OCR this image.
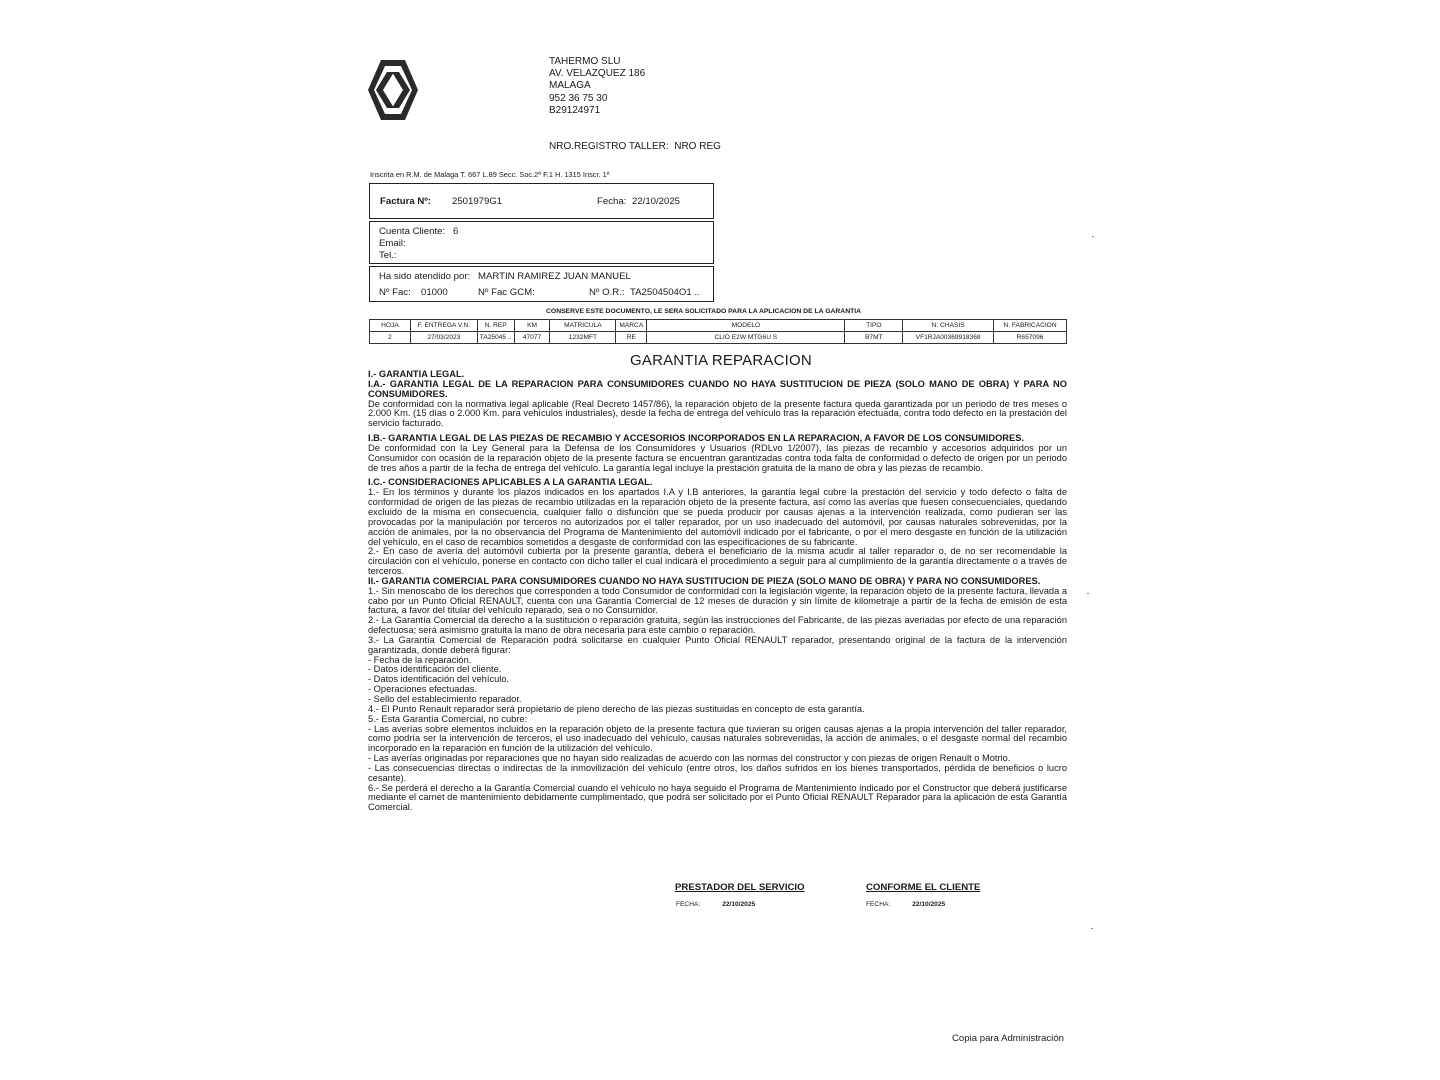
TAHERMO SLU
AV. VELAZQUEZ 186
MALAGA
952 36 75 30
B29124971
NRO.REGISTRO TALLER: NRO REG
Inscrita en R.M. de Malaga T. 667 L.89 Secc. Soc.2ª F.1 H. 1315 Inscr. 1ª
Factura Nº: 2501979G1	Fecha: 22/10/2025
Cuenta Cliente: 6
Email:
Tel.:
Ha sido atendido por: MARTIN RAMIREZ JUAN MANUEL
Nº Fac: 01000	Nº Fac GCM:	Nº O.R.: TA2504504O1 ..
CONSERVE ESTE DOCUMENTO, LE SERA SOLICITADO PARA LA APLICACION DE LA GARANTIA
HOJA	F. ENTREGA V.N.	N. REP	KM	MATRICULA	MARCA	MODELO	TIPO	N. CHASIS	N. FABRICACION
2	27/03/2023	TA25045 ..	47077	1232MFT	RE	CLIO E2W MTG6U S	B7MT	VF1RJA00369918368	R657096
GARANTIA REPARACION

I.- GARANTIA LEGAL.

I.A.- GARANTIA LEGAL DE LA REPARACION PARA CONSUMIDORES CUANDO NO HAYA SUSTITUCION DE PIEZA (SOLO MANO DE OBRA) Y PARA NO CONSUMIDORES.

De conformidad con la normativa legal aplicable (Real Decreto 1457/86), la reparación objeto de la presente factura queda garantizada por un periodo de tres meses o 2.000 Km. (15 días o 2.000 Km. para vehículos industriales), desde la fecha de entrega del vehículo tras la reparación efectuada, contra todo defecto en la prestación del servicio facturado.

I.B.- GARANTIA LEGAL DE LAS PIEZAS DE RECAMBIO Y ACCESORIOS INCORPORADOS EN LA REPARACION, A FAVOR DE LOS CONSUMIDORES.

De conformidad con la Ley General para la Defensa de los Consumidores y Usuarios (RDLvo 1/2007), las piezas de recambio y accesorios adquiridos por un Consumidor con ocasión de la reparación objeto de la presente factura se encuentran garantizadas contra toda falta de conformidad o defecto de origen por un periodo de tres años a partir de la fecha de entrega del vehículo. La garantía legal incluye la prestación gratuita de la mano de obra y las piezas de recambio.

I.C.- CONSIDERACIONES APLICABLES A LA GARANTIA LEGAL.

1.- En los términos y durante los plazos indicados en los apartados I.A y I.B anteriores, la garantía legal cubre la prestación del servicio y todo defecto o falta de conformidad de origen de las piezas de recambio utilizadas en la reparación objeto de la presente factura, así como las averías que fuesen consecuenciales, quedando excluido de la misma en consecuencia, cualquier fallo o disfunción que se pueda producir por causas ajenas a la intervención realizada, como pudieran ser las provocadas por la manipulación por terceros no autorizados por el taller reparador, por un uso inadecuado del automóvil, por causas naturales sobrevenidas, por la acción de animales, por la no observancia del Programa de Mantenimiento del automóvil indicado por el fabricante, o por el mero desgaste en función de la utilización del vehículo, en el caso de recambios sometidos a desgaste de conformidad con las especificaciones de su fabricante.

2.- En caso de avería del automóvil cubierta por la presente garantía, deberá el beneficiario de la misma acudir al taller reparador o, de no ser recomendable la circulación con el vehículo, ponerse en contacto con dicho taller el cual indicará el procedimiento a seguir para al cumplimiento de la garantía directamente o a través de terceros.

II.- GARANTIA COMERCIAL PARA CONSUMIDORES CUANDO NO HAYA SUSTITUCION DE PIEZA (SOLO MANO DE OBRA) Y PARA NO CONSUMIDORES.

1.- Sin menoscabo de los derechos que corresponden a todo Consumidor de conformidad con la legislación vigente, la reparación objeto de la presente factura, llevada a cabo por un Punto Oficial RENAULT, cuenta con una Garantía Comercial de 12 meses de duración y sin límite de kilometraje a partir de la fecha de emisión de esta factura, a favor del titular del vehículo reparado, sea o no Consumidor.

2.- La Garantía Comercial da derecho a la sustitución o reparación gratuita, según las instrucciones del Fabricante, de las piezas averiadas por efecto de una reparación defectuosa; será asimismo gratuita la mano de obra necesaria para este cambio o reparación.

3.- La Garantía Comercial de Reparación podrá solicitarse en cualquier Punto Oficial RENAULT reparador, presentando original de la factura de la intervención garantizada, donde deberá figurar:

- Fecha de la reparación.

- Datos identificación del cliente.

- Datos identificación del vehículo.

- Operaciones efectuadas.

- Sello del establecimiento reparador.

4.- El Punto Renault reparador será propietario de pleno derecho de las piezas sustituidas en concepto de esta garantía.

5.- Esta Garantía Comercial, no cubre:

- Las averías sobre elementos incluidos en la reparación objeto de la presente factura que tuvieran su origen causas ajenas a la propia intervención del taller reparador, como podría ser la intervención de terceros, el uso inadecuado del vehículo, causas naturales sobrevenidas, la acción de animales, o el desgaste normal del recambio incorporado en la reparación en función de la utilización del vehículo.

- Las averías originadas por reparaciones que no hayan sido realizadas de acuerdo con las normas del constructor y con piezas de origen Renault o Motrio.

- Las consecuencias directas o indirectas de la inmovilización del vehículo (entre otros, los daños sufridos en los bienes transportados, pérdida de beneficios o lucro cesante).

6.- Se perderá el derecho a la Garantía Comercial cuando el vehículo no haya seguido el Programa de Mantenimiento indicado por el Constructor que deberá justificarse mediante el carnet de mantenimiento debidamente cumplimentado, que podrá ser solicitado por el Punto Oficial RENAULT Reparador para la aplicación de esta Garantía Comercial.

PRESTADOR DEL SERVICIO	CONFORME EL CLIENTE
FECHA:	22/10/2025	FECHA:	22/10/2025
Copia para Administración
